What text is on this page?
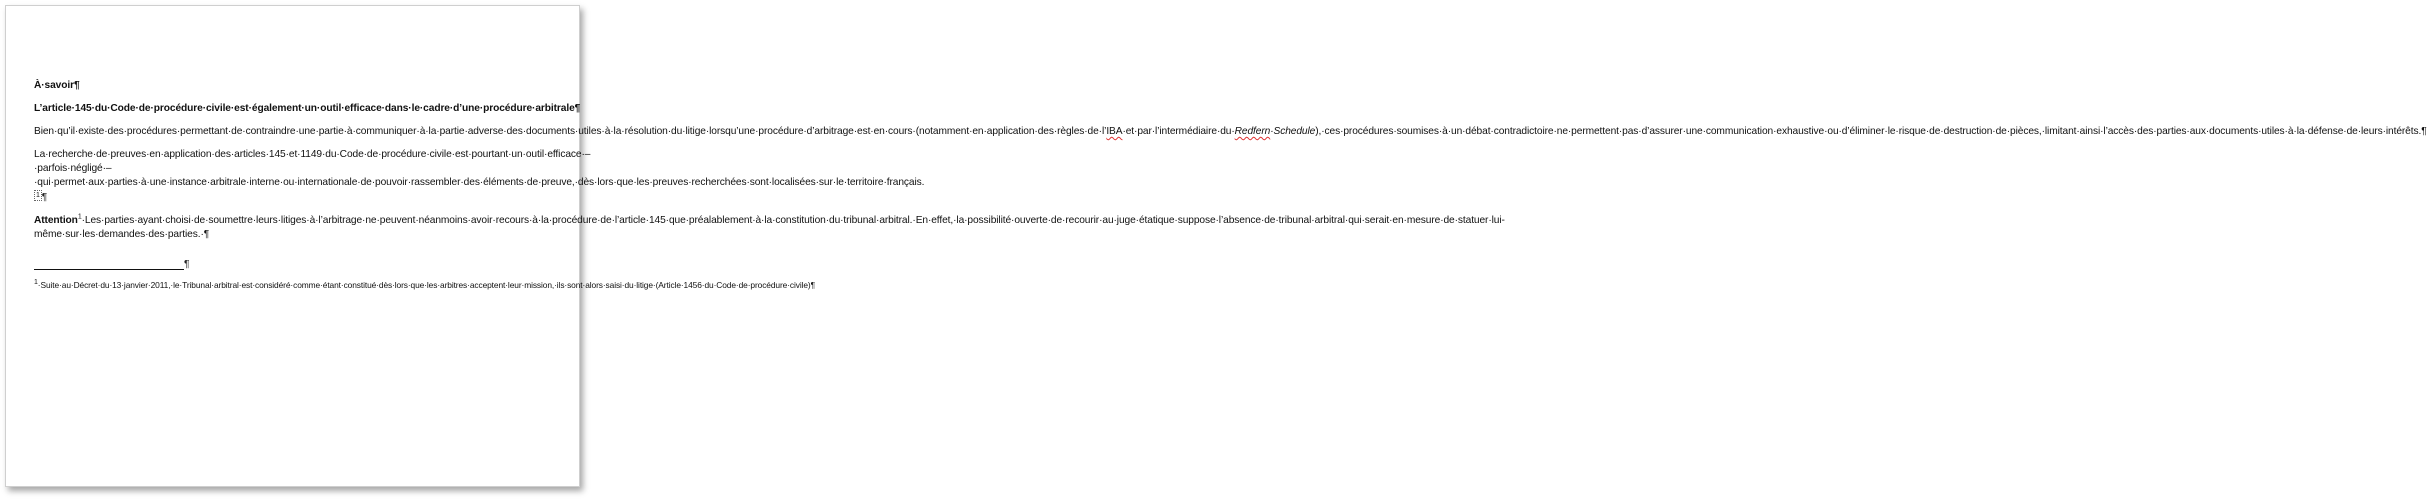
À·savoir¶
L’article·145·du·Code·de·procédure·civile·est·également·un·outil·efficace·dans·le·cadre·d’une·procédure·arbitrale¶
Bien·qu’il·existe·des·procédures·permettant·de·contraindre·une·partie·à·communiquer·à·la·partie·adverse·des·documents·utiles·à·la·résolution·du·litige·lorsqu’une·procédure·d’arbitrage·est·en·cours·(notamment·en·application·des·règles·de·l’IBA·et·par·l’intermédiaire·du·Redfern·Schedule),·ces·procédures·soumises·à·un·débat·contradictoire·ne·permettent·pas·d’assurer·une·communication·exhaustive·ou·d’éliminer·le·risque·de·destruction·de·pièces,·limitant·ainsi·l’accès·des·parties·aux·documents·utiles·à·la·défense·de·leurs·intérêts.¶
La·recherche·de·preuves·en·application·des·articles·145·et·1149·du·Code·de·procédure·civile·est·pourtant·un·outil·efficace·–·parfois·négligé·–·qui·permet·aux·parties·à·une·instance·arbitrale·interne·ou·internationale·de·pouvoir·rassembler·des·éléments·de·preuve,·dès·lors·que·les·preuves·recherchées·sont·localisées·sur·le·territoire·français.1 ¶
Attention$^1$·Les·parties·ayant·choisi·de·soumettre·leurs·litiges·à·l’arbitrage·ne·peuvent·néanmoins·avoir·recours·à·la·procédure·de·l’article·145·que·préalablement·à·la·constitution·du·tribunal·arbitral.·En·effet,·la·possibilité·ouverte·de·recourir·au·juge·étatique·suppose·l’absence·de·tribunal·arbitral·qui·serait·en·mesure·de·statuer·lui-même·sur·les·demandes·des·parties.·¶
¶
$^1$·Suite·au·Décret·du·13·janvier·2011,·le·Tribunal·arbitral·est·considéré·comme·étant·constitué·dès·lors·que·les·arbitres·acceptent·leur·mission,·ils·sont·alors·saisi·du·litige·(Article·1456·du·Code·de·procédure·civile)¶
